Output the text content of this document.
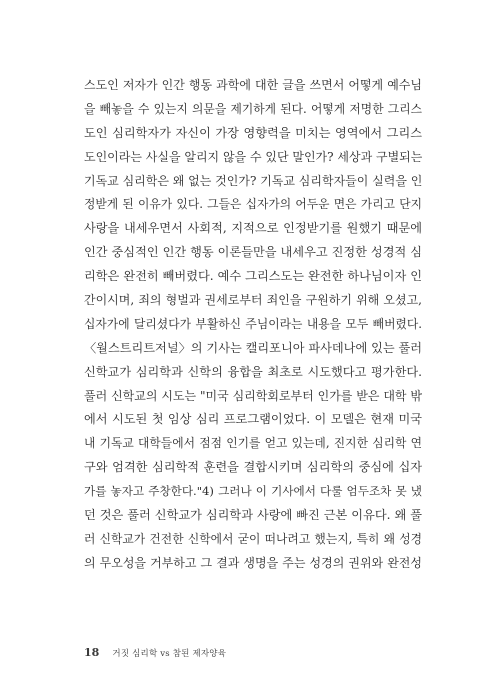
스도인 저자가 인간 행동 과학에 대한 글을 쓰면서 어떻게 예수님
을 빼놓을 수 있는지 의문을 제기하게 된다. 어떻게 저명한 그리스
도인 심리학자가 자신이 가장 영향력을 미치는 영역에서 그리스
도인이라는 사실을 알리지 않을 수 있단 말인가? 세상과 구별되는
기독교 심리학은 왜 없는 것인가? 기독교 심리학자들이 실력을 인
정받게 된 이유가 있다. 그들은 십자가의 어두운 면은 가리고 단지
사랑을 내세우면서 사회적, 지적으로 인정받기를 원했기 때문에
인간 중심적인 인간 행동 이론들만을 내세우고 진정한 성경적 심
리학은 완전히 빼버렸다. 예수 그리스도는 완전한 하나님이자 인
간이시며, 죄의 형벌과 권세로부터 죄인을 구원하기 위해 오셨고,
십자가에 달리셨다가 부활하신 주님이라는 내용을 모두 빼버렸다.
〈월스트리트저널〉의 기사는 캘리포니아 파사데나에 있는 풀러
신학교가 심리학과 신학의 융합을 최초로 시도했다고 평가한다.
풀러 신학교의 시도는 "미국 심리학회로부터 인가를 받은 대학 밖
에서 시도된 첫 임상 심리 프로그램이었다. 이 모델은 현재 미국
내 기독교 대학들에서 점점 인기를 얻고 있는데, 진지한 심리학 연
구와 엄격한 심리학적 훈련을 결합시키며 심리학의 중심에 십자
가를 놓자고 주창한다."4) 그러나 이 기사에서 다룰 엄두조차 못 냈
던 것은 풀러 신학교가 심리학과 사랑에 빠진 근본 이유다. 왜 풀
러 신학교가 건전한 신학에서 굳이 떠나려고 했는지, 특히 왜 성경
의 무오성을 거부하고 그 결과 생명을 주는 성경의 권위와 완전성
18 거짓 심리학 vs 참된 제자양육
